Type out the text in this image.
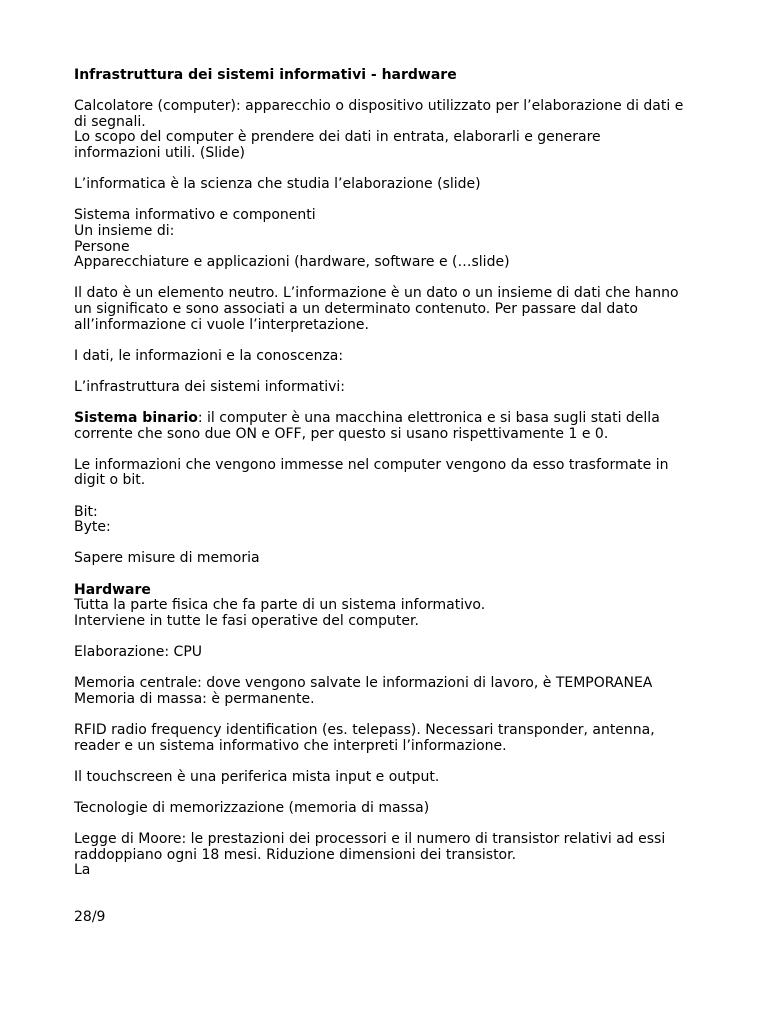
Infrastruttura dei sistemi informativi - hardware
Calcolatore (computer): apparecchio o dispositivo utilizzato per l’elaborazione di dati e
di segnali.
Lo scopo del computer è prendere dei dati in entrata, elaborarli e generare
informazioni utili. (Slide)
L’informatica è la scienza che studia l’elaborazione (slide)
Sistema informativo e componenti
Un insieme di:
Persone
Apparecchiature e applicazioni (hardware, software e (…slide)
Il dato è un elemento neutro. L’informazione è un dato o un insieme di dati che hanno
un significato e sono associati a un determinato contenuto. Per passare dal dato
all’informazione ci vuole l’interpretazione.
I dati, le informazioni e la conoscenza:
L’infrastruttura dei sistemi informativi:
Sistema binario: il computer è una macchina elettronica e si basa sugli stati della
corrente che sono due ON e OFF, per questo si usano rispettivamente 1 e 0.
Le informazioni che vengono immesse nel computer vengono da esso trasformate in
digit o bit.
Bit:
Byte:
Sapere misure di memoria
Hardware
Tutta la parte fisica che fa parte di un sistema informativo.
Interviene in tutte le fasi operative del computer.
Elaborazione: CPU
Memoria centrale: dove vengono salvate le informazioni di lavoro, è TEMPORANEA
Memoria di massa: è permanente.
RFID radio frequency identification (es. telepass). Necessari transponder, antenna,
reader e un sistema informativo che interpreti l’informazione.
Il touchscreen è una periferica mista input e output.
Tecnologie di memorizzazione (memoria di massa)
Legge di Moore: le prestazioni dei processori e il numero di transistor relativi ad essi
raddoppiano ogni 18 mesi. Riduzione dimensioni dei transistor.
La
28/9
